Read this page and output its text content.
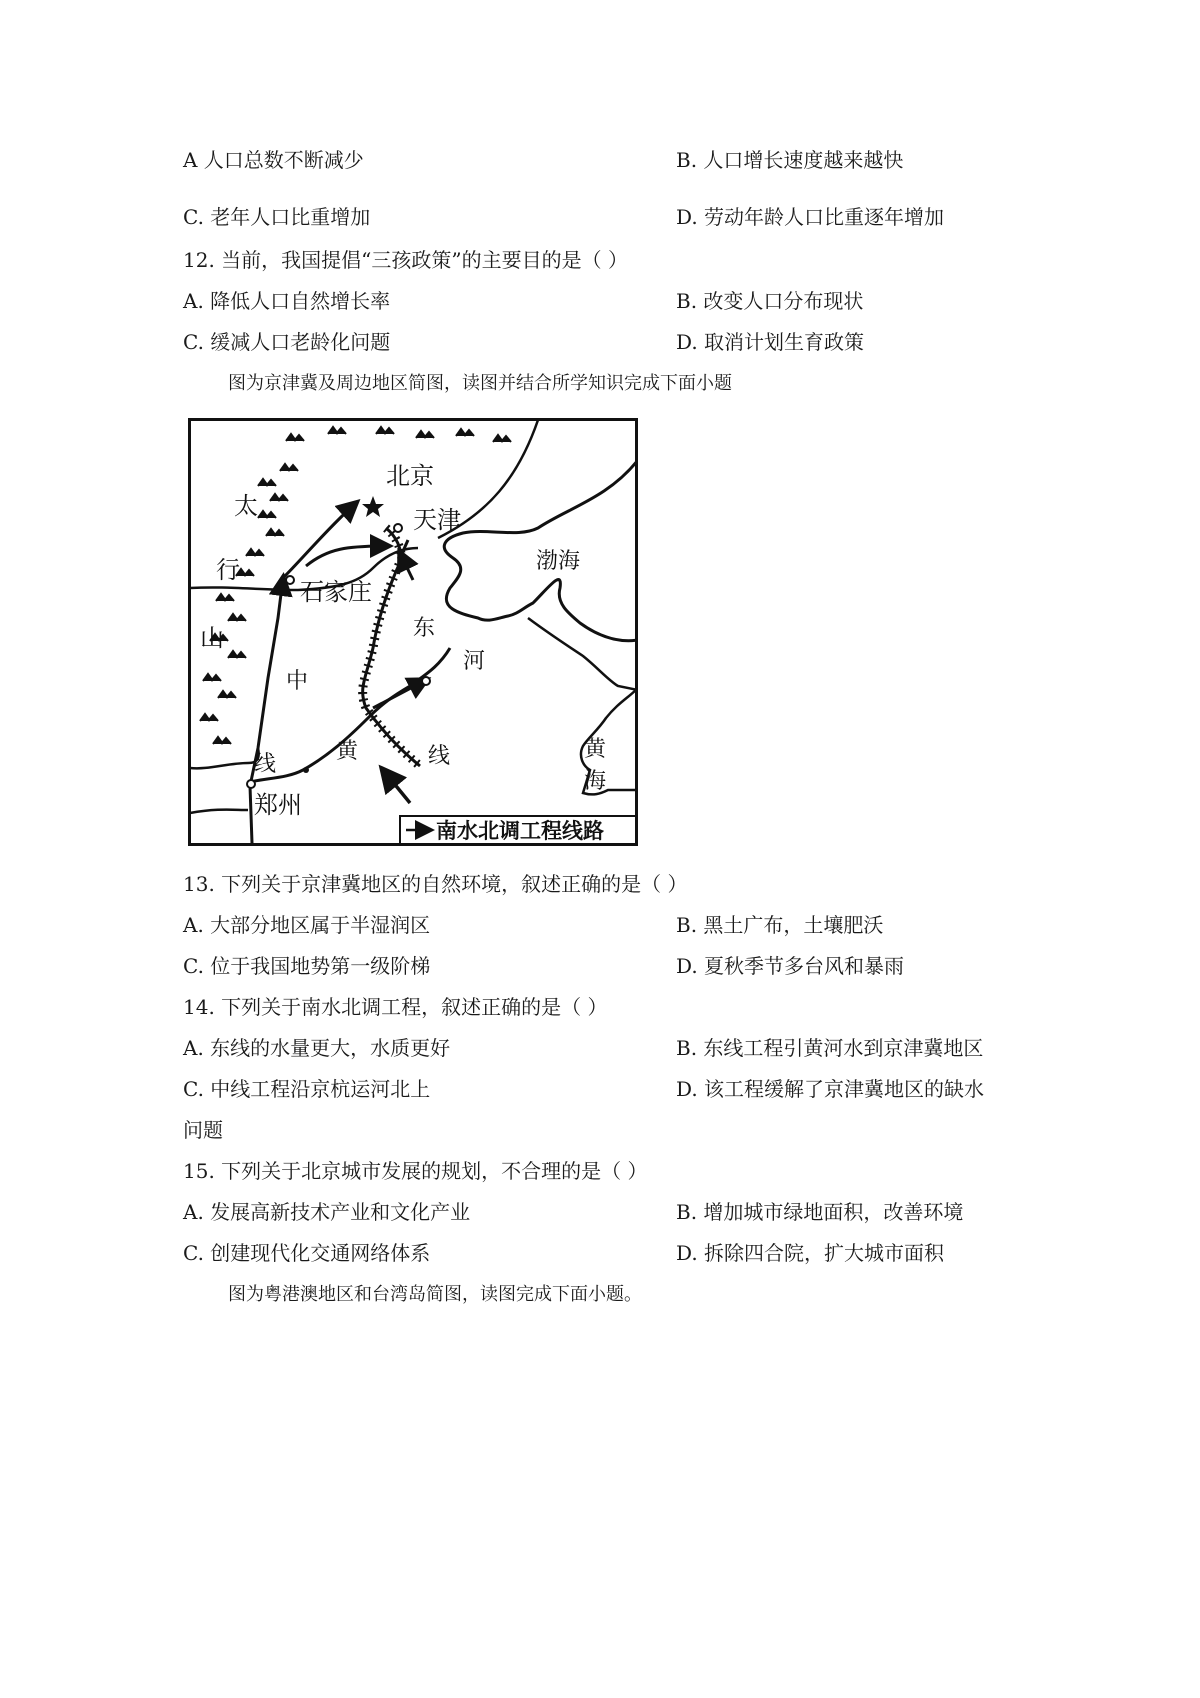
A 人口总数不断减少	B. 人口增长速度越来越快
C. 老年人口比重增加	D. 劳动年龄人口比重逐年增加
12. 当前，我国提倡“三孩政策”的主要目的是（ ）
A. 降低人口自然增长率	B. 改变人口分布现状
C. 缓减人口老龄化问题	D. 取消计划生育政策
图为京津冀及周边地区简图，读图并结合所学知识完成下面小题
北京
天津
石家庄
郑州
渤海
黄
海
太
行
山
中
线
东
线
黄
河
南水北调工程线路
13. 下列关于京津冀地区的自然环境，叙述正确的是（ ）
A. 大部分地区属于半湿润区	B. 黑土广布，土壤肥沃
C. 位于我国地势第一级阶梯	D. 夏秋季节多台风和暴雨
14. 下列关于南水北调工程，叙述正确的是（ ）
A. 东线的水量更大，水质更好	B. 东线工程引黄河水到京津冀地区
C. 中线工程沿京杭运河北上	D. 该工程缓解了京津冀地区的缺水
问题
15. 下列关于北京城市发展的规划，不合理的是（ ）
A. 发展高新技术产业和文化产业	B. 增加城市绿地面积，改善环境
C. 创建现代化交通网络体系	D. 拆除四合院，扩大城市面积
图为粤港澳地区和台湾岛简图，读图完成下面小题。
